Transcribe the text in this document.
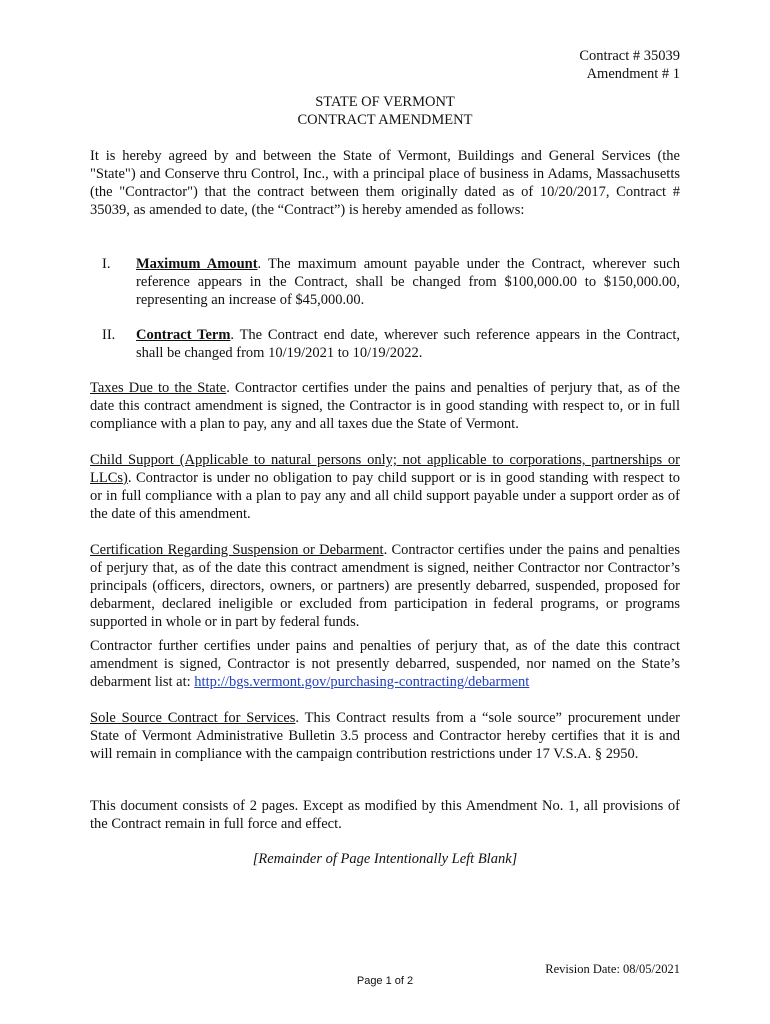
Contract # 35039
Amendment # 1
STATE OF VERMONT
CONTRACT AMENDMENT
It is hereby agreed by and between the State of Vermont, Buildings and General Services (the "State") and Conserve thru Control, Inc., with a principal place of business in Adams, Massachusetts (the "Contractor") that the contract between them originally dated as of 10/20/2017, Contract # 35039, as amended to date, (the “Contract”) is hereby amended as follows:
I. Maximum Amount. The maximum amount payable under the Contract, wherever such reference appears in the Contract, shall be changed from $100,000.00 to $150,000.00, representing an increase of $45,000.00.
II. Contract Term. The Contract end date, wherever such reference appears in the Contract, shall be changed from 10/19/2021 to 10/19/2022.
Taxes Due to the State. Contractor certifies under the pains and penalties of perjury that, as of the date this contract amendment is signed, the Contractor is in good standing with respect to, or in full compliance with a plan to pay, any and all taxes due the State of Vermont.
Child Support (Applicable to natural persons only; not applicable to corporations, partnerships or LLCs). Contractor is under no obligation to pay child support or is in good standing with respect to or in full compliance with a plan to pay any and all child support payable under a support order as of the date of this amendment.
Certification Regarding Suspension or Debarment. Contractor certifies under the pains and penalties of perjury that, as of the date this contract amendment is signed, neither Contractor nor Contractor’s principals (officers, directors, owners, or partners) are presently debarred, suspended, proposed for debarment, declared ineligible or excluded from participation in federal programs, or programs supported in whole or in part by federal funds.
Contractor further certifies under pains and penalties of perjury that, as of the date this contract amendment is signed, Contractor is not presently debarred, suspended, nor named on the State’s debarment list at: http://bgs.vermont.gov/purchasing-contracting/debarment
Sole Source Contract for Services. This Contract results from a “sole source” procurement under State of Vermont Administrative Bulletin 3.5 process and Contractor hereby certifies that it is and will remain in compliance with the campaign contribution restrictions under 17 V.S.A. § 2950.
This document consists of 2 pages. Except as modified by this Amendment No. 1, all provisions of the Contract remain in full force and effect.
[Remainder of Page Intentionally Left Blank]
Revision Date: 08/05/2021
Page 1 of 2
